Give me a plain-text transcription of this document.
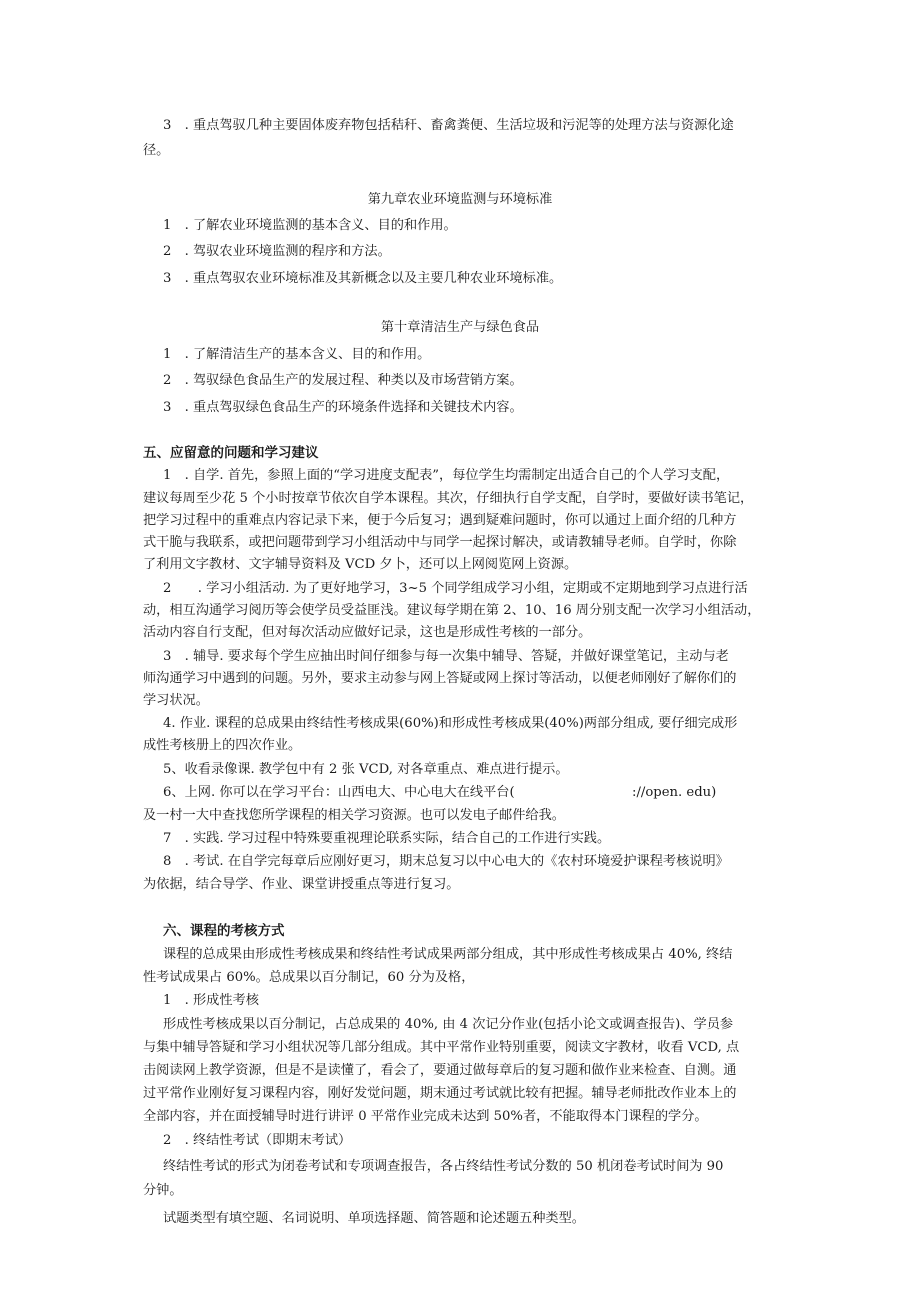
3　. 重点驾驭几种主要固体废弃物包括秸秆、畜禽粪便、生活垃圾和污泥等的处理方法与资源化途
径。
第九章农业环境监测与环境标准
1　. 了解农业环境监测的基本含义、目的和作用。
2　. 驾驭农业环境监测的程序和方法。
3　. 重点驾驭农业环境标准及其新概念以及主要几种农业环境标准。
第十章清洁生产与绿色食品
1　. 了解清洁生产的基本含义、目的和作用。
2　. 驾驭绿色食品生产的发展过程、种类以及市场营销方案。
3　. 重点驾驭绿色食品生产的环境条件选择和关键技术内容。
五、应留意的问题和学习建议
1　. 自学. 首先，参照上面的“学习进度支配表”，每位学生均需制定出适合自己的个人学习支配，
建议每周至少花 5 个小时按章节依次自学本课程。其次，仔细执行自学支配，自学时，要做好读书笔记，
把学习过程中的重难点内容记录下来，便于今后复习；遇到疑难问题时，你可以通过上面介绍的几种方
式干脆与我联系，或把问题带到学习小组活动中与同学一起探讨解决，或请教辅导老师。自学时，你除
了利用文字教材、文字辅导资料及 VCD 夕卜，还可以上网阅览网上资源。
2　　. 学习小组活动. 为了更好地学习，3~5 个同学组成学习小组，定期或不定期地到学习点进行活
动，相互沟通学习阅历等会使学员受益匪浅。建议每学期在第 2、10、16 周分别支配一次学习小组活动，
活动内容自行支配，但对每次活动应做好记录，这也是形成性考核的一部分。
3　. 辅导. 要求每个学生应抽出时间仔细参与每一次集中辅导、答疑，并做好课堂笔记，主动与老
师沟通学习中遇到的问题。另外，要求主动参与网上答疑或网上探讨等活动，以便老师刚好了解你们的
学习状况。
4. 作业. 课程的总成果由终结性考核成果(60%)和形成性考核成果(40%)两部分组成, 要仔细完成形
成性考核册上的四次作业。
5、收看录像课. 教学包中有 2 张 VCD, 对各章重点、难点进行提示。
6、上网. 你可以在学习平台：山西电大、中心电大在线平台(	://open. edu)
及一村一大中查找您所学课程的相关学习资源。也可以发电子邮件给我。
7　. 实践. 学习过程中特殊要重视理论联系实际，结合自己的工作进行实践。
8　. 考试. 在自学完每章后应刚好更习，期末总复习以中心电大的《农村环境爱护课程考核说明》
为依据，结合导学、作业、课堂讲授重点等进行复习。
六、课程的考核方式
课程的总成果由形成性考核成果和终结性考试成果两部分组成，其中形成性考核成果占 40%, 终结
性考试成果占 60%。总成果以百分制记，60 分为及格，
1　. 形成性考核
形成性考核成果以百分制记，占总成果的 40%, 由 4 次记分作业(包括小论文或调查报告)、学员参
与集中辅导答疑和学习小组状况等几部分组成。其中平常作业特别重要，阅读文字教材，收看 VCD, 点
击阅读网上教学资源，但是不是读懂了，看会了，要通过做每章后的复习题和做作业来检查、自测。通
过平常作业刚好复习课程内容，刚好发觉问题，期末通过考试就比较有把握。辅导老师批改作业本上的
全部内容，并在面授辅导时进行讲评 0 平常作业完成未达到 50%者，不能取得本门课程的学分。
2　. 终结性考试（即期末考试）
终结性考试的形式为闭卷考试和专项调查报告，各占终结性考试分数的 50 机闭卷考试时间为 90
分钟。
试题类型有填空题、名词说明、单项选择题、简答题和论述题五种类型。
